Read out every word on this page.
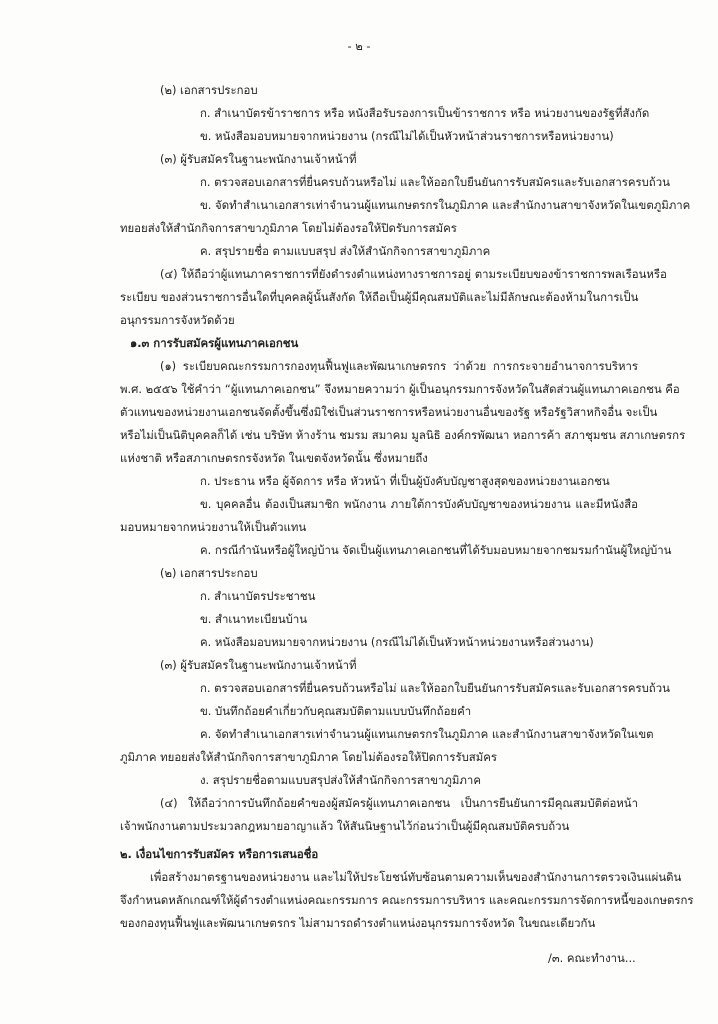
- ๒ -
(๒) เอกสารประกอบ
ก. สำเนาบัตรข้าราชการ หรือ หนังสือรับรองการเป็นข้าราชการ หรือ หน่วยงานของรัฐที่สังกัด
ข. หนังสือมอบหมายจากหน่วยงาน (กรณีไม่ได้เป็นหัวหน้าส่วนราชการหรือหน่วยงาน)
(๓) ผู้รับสมัครในฐานะพนักงานเจ้าหน้าที่
ก. ตรวจสอบเอกสารที่ยื่นครบถ้วนหรือไม่ และให้ออกใบยืนยันการรับสมัครและรับเอกสารครบถ้วน
ข. จัดทำสำเนาเอกสารเท่าจำนวนผู้แทนเกษตรกรในภูมิภาค และสำนักงานสาขาจังหวัดในเขตภูมิภาค
ทยอยส่งให้สำนักกิจการสาขาภูมิภาค โดยไม่ต้องรอให้ปิดรับการสมัคร
ค. สรุปรายชื่อ ตามแบบสรุป ส่งให้สำนักกิจการสาขาภูมิภาค
(๔) ให้ถือว่าผู้แทนภาคราชการที่ยังดำรงตำแหน่งทางราชการอยู่ ตามระเบียบของข้าราชการพลเรือนหรือ
ระเบียบ ของส่วนราชการอื่นใดที่บุคคลผู้นั้นสังกัด ให้ถือเป็นผู้มีคุณสมบัติและไม่มีลักษณะต้องห้ามในการเป็น
อนุกรรมการจังหวัดด้วย
๑.๓ การรับสมัครผู้แทนภาคเอกชน
(๑) ระเบียบคณะกรรมการกองทุนฟื้นฟูและพัฒนาเกษตรกร ว่าด้วย การกระจายอำนาจการบริหาร
พ.ศ. ๒๕๕๖ ใช้คำว่า “ผู้แทนภาคเอกชน” จึงหมายความว่า ผู้เป็นอนุกรรมการจังหวัดในสัดส่วนผู้แทนภาคเอกชน คือ
ตัวแทนของหน่วยงานเอกชนจัดตั้งขึ้นซึ่งมิใช่เป็นส่วนราชการหรือหน่วยงานอื่นของรัฐ หรือรัฐวิสาหกิจอื่น จะเป็น
หรือไม่เป็นนิติบุคคลก็ได้ เช่น บริษัท ห้างร้าน ชมรม สมาคม มูลนิธิ องค์กรพัฒนา หอการค้า สภาชุมชน สภาเกษตรกร
แห่งชาติ หรือสภาเกษตรกรจังหวัด ในเขตจังหวัดนั้น ซึ่งหมายถึง
ก. ประธาน หรือ ผู้จัดการ หรือ หัวหน้า ที่เป็นผู้บังคับบัญชาสูงสุดของหน่วยงานเอกชน
ข. บุคคลอื่น ต้องเป็นสมาชิก พนักงาน ภายใต้การบังคับบัญชาของหน่วยงาน และมีหนังสือ
มอบหมายจากหน่วยงานให้เป็นตัวแทน
ค. กรณีกำนันหรือผู้ใหญ่บ้าน จัดเป็นผู้แทนภาคเอกชนที่ได้รับมอบหมายจากชมรมกำนันผู้ใหญ่บ้าน
(๒) เอกสารประกอบ
ก. สำเนาบัตรประชาชน
ข. สำเนาทะเบียนบ้าน
ค. หนังสือมอบหมายจากหน่วยงาน (กรณีไม่ได้เป็นหัวหน้าหน่วยงานหรือส่วนงาน)
(๓) ผู้รับสมัครในฐานะพนักงานเจ้าหน้าที่
ก. ตรวจสอบเอกสารที่ยื่นครบถ้วนหรือไม่ และให้ออกใบยืนยันการรับสมัครและรับเอกสารครบถ้วน
ข. บันทึกถ้อยคำเกี่ยวกับคุณสมบัติตามแบบบันทึกถ้อยคำ
ค. จัดทำสำเนาเอกสารเท่าจำนวนผู้แทนเกษตรกรในภูมิภาค และสำนักงานสาขาจังหวัดในเขต
ภูมิภาค ทยอยส่งให้สำนักกิจการสาขาภูมิภาค โดยไม่ต้องรอให้ปิดการรับสมัคร
ง. สรุปรายชื่อตามแบบสรุปส่งให้สำนักกิจการสาขาภูมิภาค
(๔) ให้ถือว่าการบันทึกถ้อยคำของผู้สมัครผู้แทนภาคเอกชน เป็นการยืนยันการมีคุณสมบัติต่อหน้า
เจ้าพนักงานตามประมวลกฎหมายอาญาแล้ว ให้สันนิษฐานไว้ก่อนว่าเป็นผู้มีคุณสมบัติครบถ้วน
๒. เงื่อนไขการรับสมัคร หรือการเสนอชื่อ
เพื่อสร้างมาตรฐานของหน่วยงาน และไม่ให้ประโยชน์ทับซ้อนตามความเห็นของสำนักงานการตรวจเงินแผ่นดิน
จึงกำหนดหลักเกณฑ์ให้ผู้ดำรงตำแหน่งคณะกรรมการ คณะกรรมการบริหาร และคณะกรรมการจัดการหนี้ของเกษตรกร
ของกองทุนฟื้นฟูและพัฒนาเกษตรกร ไม่สามารถดำรงตำแหน่งอนุกรรมการจังหวัด ในขณะเดียวกัน
/๓. คณะทำงาน...
